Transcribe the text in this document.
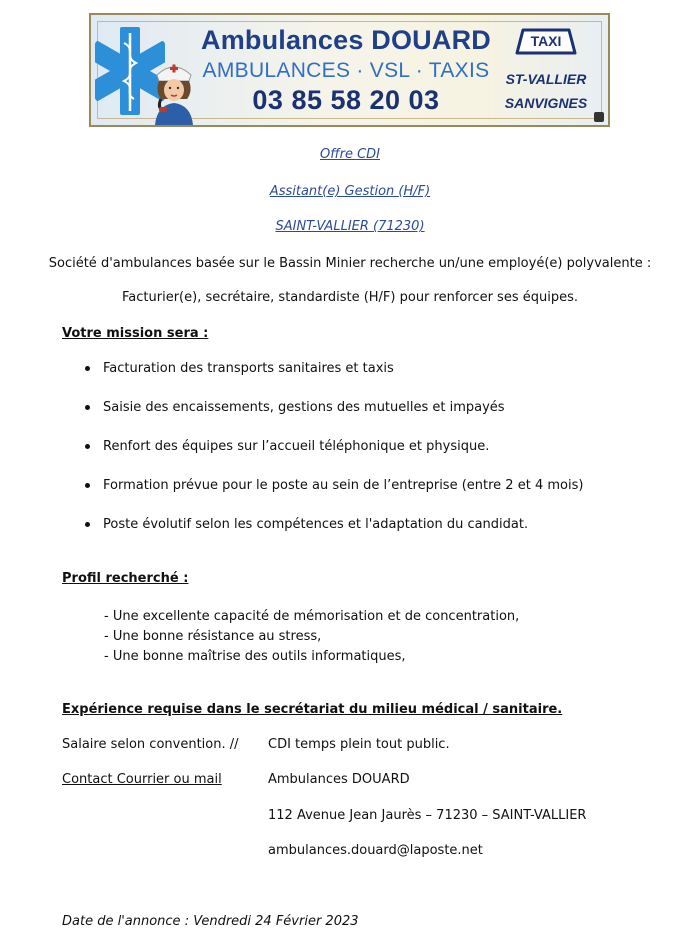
Ambulances DOUARD
AMBULANCES · VSL · TAXIS
03 85 58 20 03
TAXI
ST-VALLIER
SANVIGNES
Offre CDI
Assitant(e) Gestion (H/F)
SAINT-VALLIER (71230)
Société d'ambulances basée sur le Bassin Minier recherche un/une employé(e) polyvalente :
Facturier(e), secrétaire, standardiste (H/F) pour renforcer ses équipes.
Votre mission sera :
Facturation des transports sanitaires et taxis
Saisie des encaissements, gestions des mutuelles et impayés
Renfort des équipes sur l’accueil téléphonique et physique.
Formation prévue pour le poste au sein de l’entreprise (entre 2 et 4 mois)
Poste évolutif selon les compétences et l'adaptation du candidat.
Profil recherché :
- Une excellente capacité de mémorisation et de concentration,
- Une bonne résistance au stress,
- Une bonne maîtrise des outils informatiques,
Expérience requise dans le secrétariat du milieu médical / sanitaire.
Salaire selon convention. // CDI temps plein tout public.
Contact Courrier ou mail	Ambulances DOUARD
112 Avenue Jean Jaurès – 71230 – SAINT-VALLIER
ambulances.douard@laposte.net
Date de l'annonce : Vendredi 24 Février 2023
